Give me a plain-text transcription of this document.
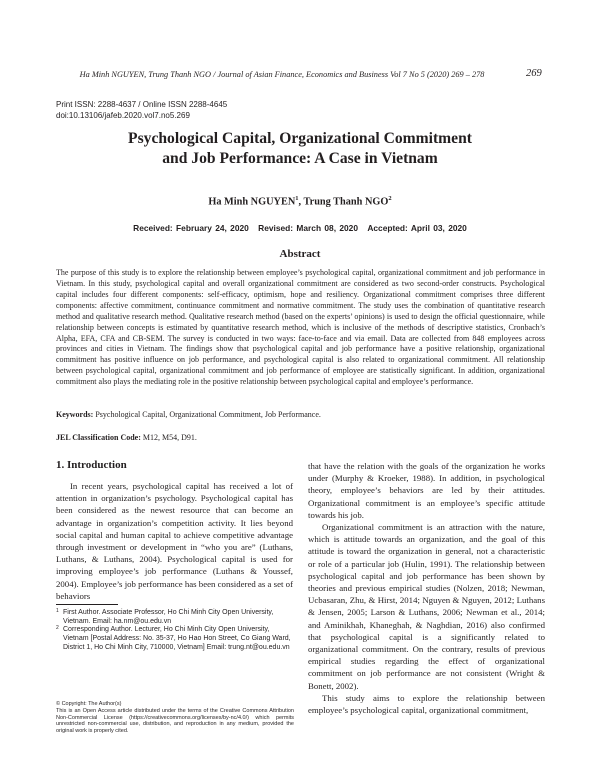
Ha Minh NGUYEN, Trung Thanh NGO / Journal of Asian Finance, Economics and Business Vol 7 No 5 (2020) 269 – 278	269
Print ISSN: 2288-4637 / Online ISSN 2288-4645
doi:10.13106/jafeb.2020.vol7.no5.269
Psychological Capital, Organizational Commitment
and Job Performance: A Case in Vietnam
Ha Minh NGUYEN$^1$, Trung Thanh NGO$^2$
Received: February 24, 2020 Revised: March 08, 2020 Accepted: April 03, 2020
Abstract
The purpose of this study is to explore the relationship between employee’s psychological capital, organizational commitment and job performance in Vietnam. In this study, psychological capital and overall organizational commitment are considered as two second-order constructs. Psychological capital includes four different components: self-efficacy, optimism, hope and resiliency. Organizational commitment comprises three different components: affective commitment, continuance commitment and normative commitment. The study uses the combination of quantitative research method and qualitative research method. Qualitative research method (based on the experts’ opinions) is used to design the official questionnaire, while relationship between concepts is estimated by quantitative research method, which is inclusive of the methods of descriptive statistics, Cronbach’s Alpha, EFA, CFA and CB-SEM. The survey is conducted in two ways: face-to-face and via email. Data are collected from 848 employees across provinces and cities in Vietnam. The findings show that psychological capital and job performance have a positive relationship, organizational commitment has positive influence on job performance, and psychological capital is also related to organizational commitment. All relationship between psychological capital, organizational commitment and job performance of employee are statistically significant. In addition, organizational commitment also plays the mediating role in the positive relationship between psychological capital and employee’s performance.
Keywords: Psychological Capital, Organizational Commitment, Job Performance.
JEL Classification Code: M12, M54, D91.
1. Introduction

In recent years, psychological capital has received a lot of attention in organization’s psychology. Psychological capital has been considered as the newest resource that can become an advantage in organization’s competition activity. It lies beyond social capital and human capital to achieve competitive advantage through investment or development in “who you are” (Luthans, Luthans, & Luthans, 2004). Psychological capital is used for improving employee’s job performance (Luthans & Youssef, 2004). Employee’s job performance has been considered as a set of behaviors

1 First Author. Associate Professor, Ho Chi Minh City Open University, Vietnam. Email: ha.nm@ou.edu.vn
2 Corresponding Author. Lecturer, Ho Chi Minh City Open University, Vietnam [Postal Address: No. 35-37, Ho Hao Hon Street, Co Giang Ward, District 1, Ho Chi Minh City, 710000, Vietnam] Email: trung.nt@ou.edu.vn
© Copyright: The Author(s)
This is an Open Access article distributed under the terms of the Creative Commons Attribution Non-Commercial License (https://creativecommons.org/licenses/by-nc/4.0/) which permits unrestricted non-commercial use, distribution, and reproduction in any medium, provided the original work is properly cited.

that have the relation with the goals of the organization he works under (Murphy & Kroeker, 1988). In addition, in psychological theory, employee’s behaviors are led by their attitudes. Organizational commitment is an employee’s specific attitude towards his job.

Organizational commitment is an attraction with the nature, which is attitude towards an organization, and the goal of this attitude is toward the organization in general, not a characteristic or role of a particular job (Hulin, 1991). The relationship between psychological capital and job performance has been shown by theories and previous empirical studies (Nolzen, 2018; Newman, Ucbasaran, Zhu, & Hirst, 2014; Nguyen & Nguyen, 2012; Luthans & Jensen, 2005; Larson & Luthans, 2006; Newman et al., 2014; and Aminikhah, Khaneghah, & Naghdian, 2016) also confirmed that psychological capital is a significantly related to organizational commitment. On the contrary, results of previous empirical studies regarding the effect of organizational commitment on job performance are not consistent (Wright & Bonett, 2002).

This study aims to explore the relationship between employee’s psychological capital, organizational commitment,
